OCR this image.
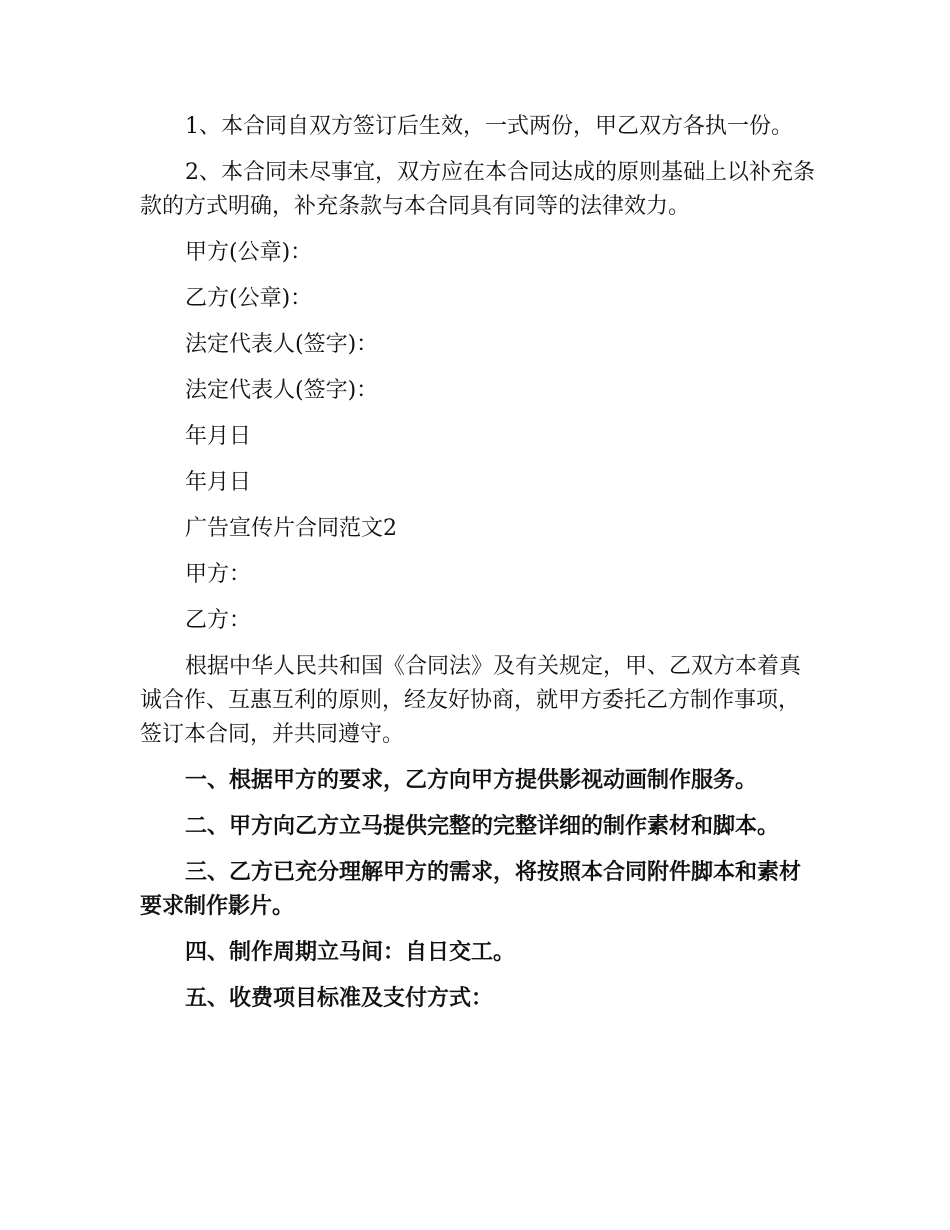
1、本合同自双方签订后生效，一式两份，甲乙双方各执一份。

2、本合同未尽事宜，双方应在本合同达成的原则基础上以补充条款的方式明确，补充条款与本合同具有同等的法律效力。

甲方(公章)：

乙方(公章)：

法定代表人(签字)：

法定代表人(签字)：

年月日

年月日

广告宣传片合同范文2

甲方：

乙方：

根据中华人民共和国《合同法》及有关规定，甲、乙双方本着真诚合作、互惠互利的原则，经友好协商，就甲方委托乙方制作事项，签订本合同，并共同遵守。

一、根据甲方的要求，乙方向甲方提供影视动画制作服务。

二、甲方向乙方立马提供完整的完整详细的制作素材和脚本。

三、乙方已充分理解甲方的需求，将按照本合同附件脚本和素材要求制作影片。

四、制作周期立马间：自日交工。

五、收费项目标准及支付方式：
